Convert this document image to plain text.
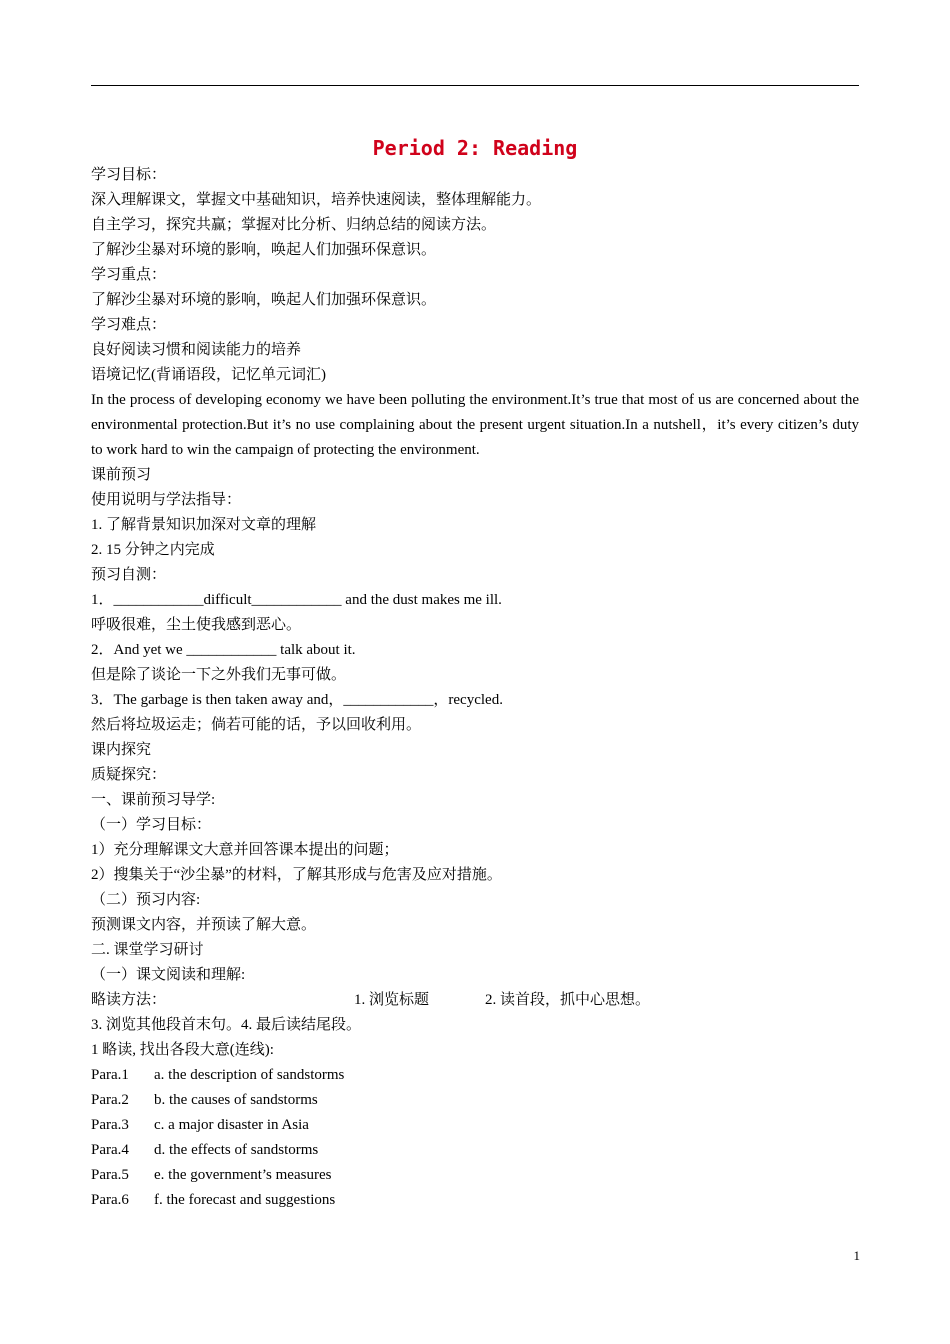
Period 2: Reading
学习目标：
深入理解课文，掌握文中基础知识，培养快速阅读，整体理解能力。
自主学习，探究共赢；掌握对比分析、归纳总结的阅读方法。
了解沙尘暴对环境的影响，唤起人们加强环保意识。
学习重点：
了解沙尘暴对环境的影响，唤起人们加强环保意识。
学习难点：
良好阅读习惯和阅读能力的培养
语境记忆(背诵语段，记忆单元词汇)
In the process of developing economy we have been polluting the environment.It’s true that most of us are concerned about the environmental protection.But it’s no use complaining about the present urgent situation.In a nutshell，it’s every citizen’s duty to work hard to win the campaign of protecting the environment.
课前预习
使用说明与学法指导：
1. 了解背景知识加深对文章的理解
2. 15 分钟之内完成
预习自测：
1．____________difficult____________ and the dust makes me ill.
呼吸很难，尘土使我感到恶心。
2．And yet we ____________ talk about it.
但是除了谈论一下之外我们无事可做。
3．The garbage is then taken away and，____________，recycled.
然后将垃圾运走；倘若可能的话，予以回收利用。
课内探究
质疑探究：
一、课前预习导学:
（一）学习目标：
1）充分理解课文大意并回答课本提出的问题；
2）搜集关于“沙尘暴”的材料，了解其形成与危害及应对措施。
（二）预习内容:
预测课文内容，并预读了解大意。
二. 课堂学习研讨
（一）课文阅读和理解:
略读方法：	1. 浏览标题	2. 读首段，抓中心思想。
3. 浏览其他段首末句。4. 最后读结尾段。
1 略读, 找出各段大意(连线):
Para.1 a. the description of sandstorms
Para.2 b. the causes of sandstorms
Para.3 c. a major disaster in Asia
Para.4 d. the effects of sandstorms
Para.5 e. the government’s measures
Para.6 f. the forecast and suggestions
1
